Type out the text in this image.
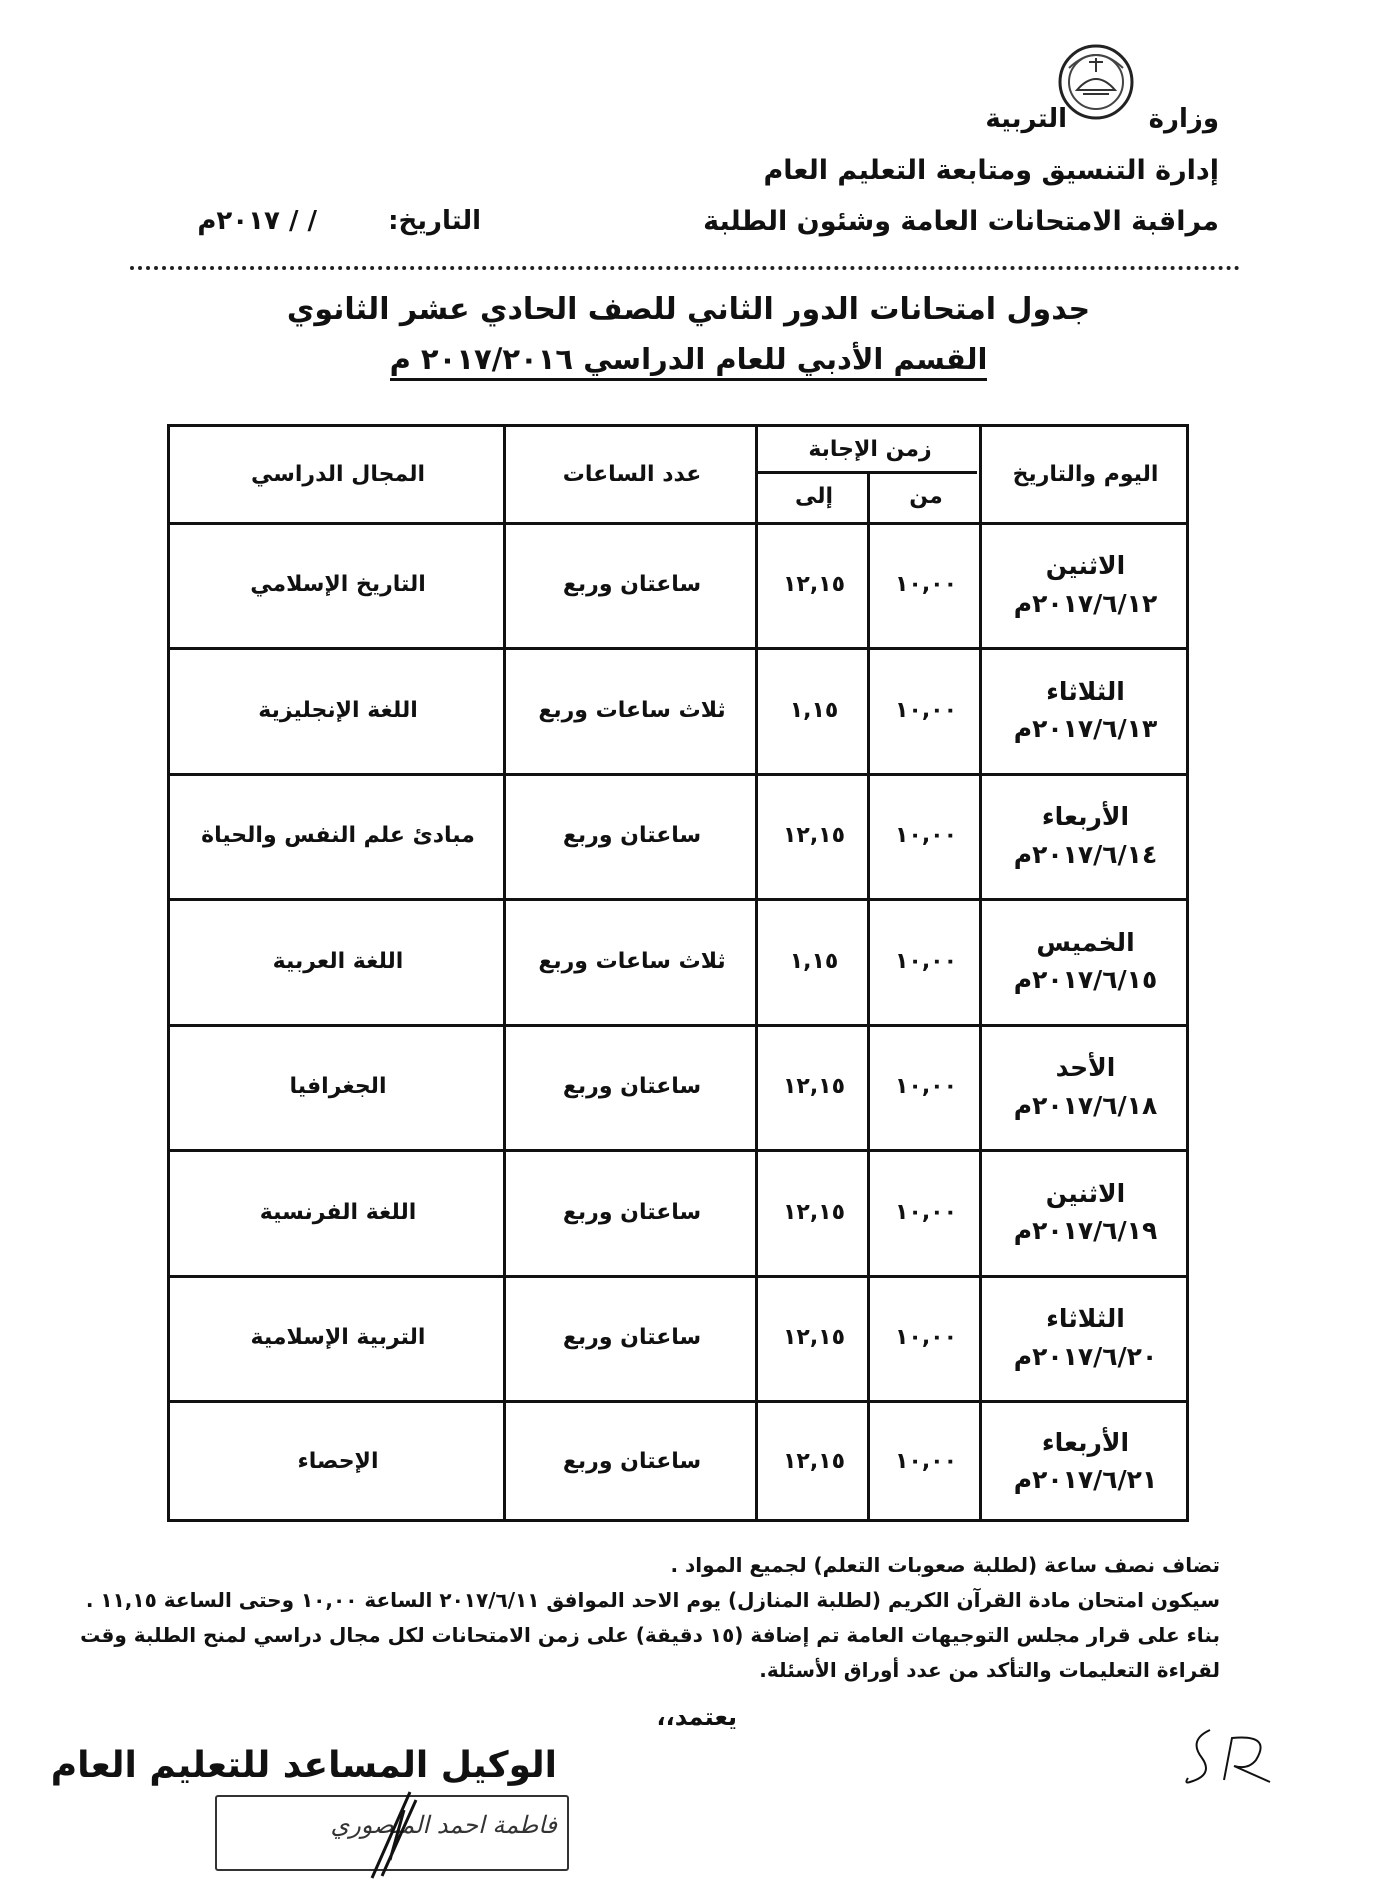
وزارة
التربية
إدارة التنسيق ومتابعة التعليم العام
مراقبة الامتحانات العامة وشئون الطلبة
التاريخ:
/ / ٢٠١٧م
جدول امتحانات الدور الثاني للصف الحادي عشر الثانوي
القسم الأدبي للعام الدراسي ٢٠١٧/٢٠١٦ م
اليوم والتاريخ
زمن الإجابة
من
إلى
عدد الساعات
المجال الدراسي
الاثنين
٢٠١٧/٦/١٢م
١٠,٠٠
١٢,١٥
ساعتان وربع
التاريخ الإسلامي
الثلاثاء
٢٠١٧/٦/١٣م
١٠,٠٠
١,١٥
ثلاث ساعات وربع
اللغة الإنجليزية
الأربعاء
٢٠١٧/٦/١٤م
١٠,٠٠
١٢,١٥
ساعتان وربع
مبادئ علم النفس والحياة
الخميس
٢٠١٧/٦/١٥م
١٠,٠٠
١,١٥
ثلاث ساعات وربع
اللغة العربية
الأحد
٢٠١٧/٦/١٨م
١٠,٠٠
١٢,١٥
ساعتان وربع
الجغرافيا
الاثنين
٢٠١٧/٦/١٩م
١٠,٠٠
١٢,١٥
ساعتان وربع
اللغة الفرنسية
الثلاثاء
٢٠١٧/٦/٢٠م
١٠,٠٠
١٢,١٥
ساعتان وربع
التربية الإسلامية
الأربعاء
٢٠١٧/٦/٢١م
١٠,٠٠
١٢,١٥
ساعتان وربع
الإحصاء
تضاف نصف ساعة (لطلبة صعوبات التعلم) لجميع المواد .
سيكون امتحان مادة القرآن الكريم (لطلبة المنازل) يوم الاحد الموافق ٢٠١٧/٦/١١ الساعة ١٠,٠٠ وحتى الساعة ١١,١٥ .
بناء على قرار مجلس التوجيهات العامة تم إضافة (١٥ دقيقة) على زمن الامتحانات لكل مجال دراسي لمنح الطلبة وقت
لقراءة التعليمات والتأكد من عدد أوراق الأسئلة.
يعتمد،،
الوكيل المساعد للتعليم العام
فاطمة احمد المنصوري
